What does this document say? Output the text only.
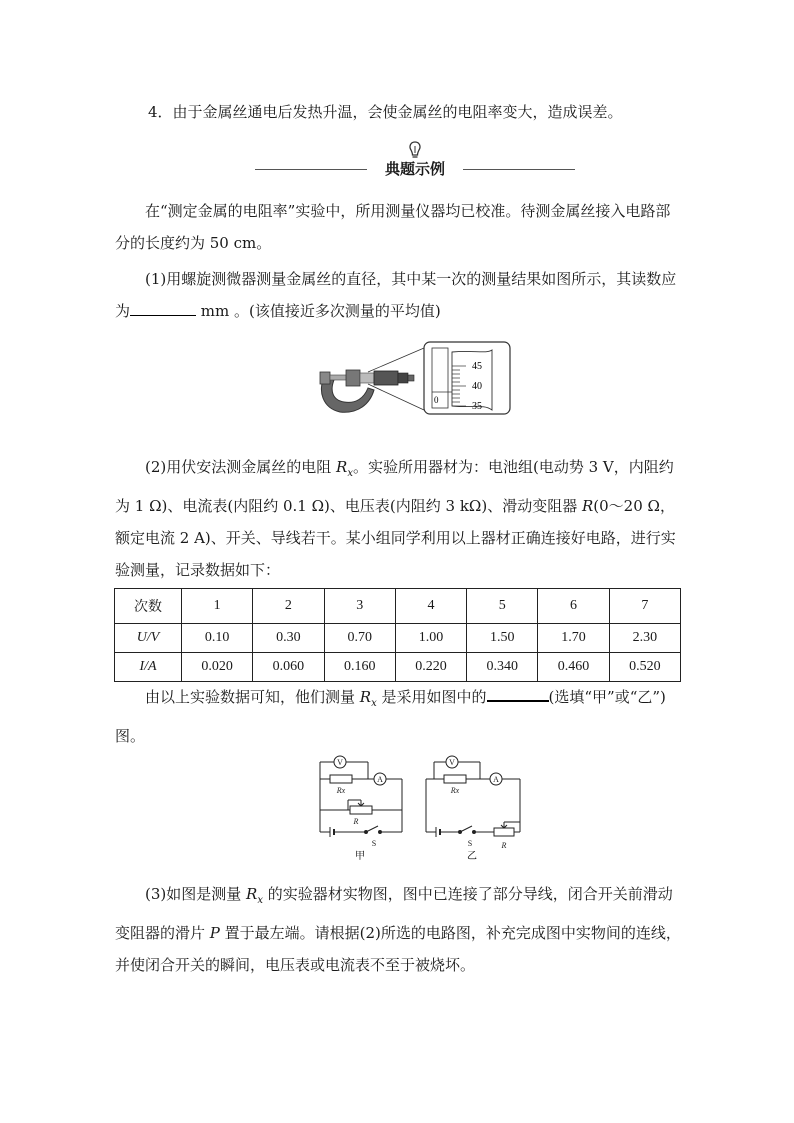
4．由于金属丝通电后发热升温，会使金属丝的电阻率变大，造成误差。

典题示例

在“测定金属的电阻率”实验中，所用测量仪器均已校准。待测金属丝接入电路部分的长度约为 50 cm。

(1)用螺旋测微器测量金属丝的直径，其中某一次的测量结果如图所示，其读数应为	mm 。(该值接近多次测量的平均值)

45
40
0
35

(2)用伏安法测金属丝的电阻 $R_x$。实验所用器材为：电池组(电动势 3 V，内阻约为 1 Ω)、电流表(内阻约 0.1 Ω)、电压表(内阻约 3 kΩ)、滑动变阻器 R(0～20 Ω，额定电流 2 A)、开关、导线若干。某小组同学利用以上器材正确连接好电路，进行实验测量，记录数据如下：

次数	1	2	3	4	5	6	7
U/V	0.10	0.30	0.70	1.00	1.50	1.70	2.30
I/A	0.020	0.060	0.160	0.220	0.340	0.460	0.520

由以上实验数据可知，他们测量 $R_x$ 是采用如图中的	(选填“甲”或“乙”)图。

V
A
Rx
R
S
V
A
Rx
R
S
甲	乙

(3)如图是测量 $R_x$ 的实验器材实物图，图中已连接了部分导线，闭合开关前滑动变阻器的滑片 P 置于最左端。请根据(2)所选的电路图，补充完成图中实物间的连线，并使闭合开关的瞬间，电压表或电流表不至于被烧坏。
